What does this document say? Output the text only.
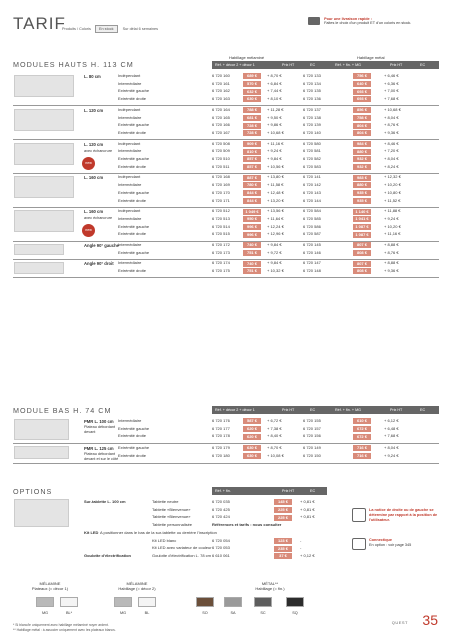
TARIF
Produits / Coloris En stock Sur délai 6 semaines
Pour une livraison rapide :
Faites le choix d'un produit ET d'un coloris en stock.
MODULES HAUTS H. 113 CM
Habillage mélaminé	Habillage métal
Réf. + décor 2 + décor 1	Prix HT	EC	Réf. + fin. + MG	Prix HT	EC
L. 80 cm	Indépendant	6 720 160	689 €	+ 8,70 €	6 720 133	756 €	+ 6,46 €
Intermédiaire	6 720 161	570 €	+ 6,84 €	6 720 134	640 €	+ 6,36 €
Extrémité gauche	6 720 162	632 €	+ 7,44 €	6 720 135	693 €	+ 7,00 €
Extrémité droite	6 720 163	630 €	+ 8,10 €	6 720 136	693 €	+ 7,68 €
L. 120 cm	Indépendant	6 720 164	788 €	+ 11,28 €	6 720 137	856 €	+ 10,68 €
Intermédiaire	6 720 165	681 €	+ 9,50 €	6 720 138	758 €	+ 8,04 €
Extrémité gauche	6 720 166	728 €	+ 9,86 €	6 720 139	804 €	+ 8,76 €
Extrémité droite	6 720 167	728 €	+ 10,68 €	6 720 140	804 €	+ 9,36 €
L. 120 cm
avec échancrure
new
Indépendant	6 720 508	909 €	+ 11,16 €	6 720 580	984 €	+ 8,46 €
Intermédiaire	6 720 509	810 €	+ 9,24 €	6 720 581	880 €	+ 7,20 €
Extrémité gauche	6 720 510	857 €	+ 9,84 €	6 720 582	932 €	+ 8,04 €
Extrémité droite	6 720 511	857 €	+ 10,56 €	6 720 583	932 €	+ 8,24 €
L. 160 cm	Indépendant	6 720 168	887 €	+ 13,80 €	6 720 141	983 €	+ 12,32 €
Intermédiaire	6 720 169	780 €	+ 11,58 €	6 720 142	880 €	+ 10,20 €
Extrémité gauche	6 720 170	844 €	+ 12,48 €	6 720 143	935 €	+ 10,80 €
Extrémité droite	6 720 171	844 €	+ 13,20 €	6 720 144	935 €	+ 11,52 €
L. 160 cm
avec échancrure
new
Indépendant	6 720 512	1 049 €	+ 13,56 €	6 720 584	1 140 €	+ 11,88 €
Intermédiaire	6 720 513	950 €	+ 11,64 €	6 720 585	1 041 €	+ 9,24 €
Extrémité gauche	6 720 514	996 €	+ 12,24 €	6 720 586	1 087 €	+ 10,20 €
Extrémité droite	6 720 515	996 €	+ 12,96 €	6 720 587	1 087 €	+ 11,16 €
Angle 90° gauche Intermédiaire	6 720 172	740 €	+ 9,84 €	6 720 145	807 €	+ 8,88 €
Extrémité gauche	6 720 173	751 €	+ 9,72 €	6 720 146	808 €	+ 8,76 €
Angle 90° droit Intermédiaire	6 720 174	740 €	+ 9,84 €	6 720 147	807 €	+ 8,88 €
Extrémité droite	6 720 175	751 €	+ 10,32 €	6 720 148	808 €	+ 9,36 €
MODULE BAS H. 74 CM	Réf. + décor 2 + décor 1	Prix HT	EC	Réf. + fin. + MG	Prix HT	EC
PMR L. 100 cm
Plateau débordant
devant
Intermédiaire	6 720 176	587 €	+ 6,72 €	6 720 155	610 €	+ 6,12 €
Extrémité gauche	6 720 177	620 €	+ 7,38 €	6 720 157	672 €	+ 6,48 €
Extrémité droite	6 720 178	620 €	+ 8,40 €	6 720 156	672 €	+ 7,68 €
PMR L. 125 cm
Plateau débordant
devant et sur le côté
Extrémité gauche	6 720 179	630 €	+ 8,70 €	6 720 149	716 €	+ 8,04 €
Extrémité droite	6 720 180	630 €	+ 10,08 €	6 720 150	716 €	+ 9,24 €
OPTIONS	Réf. + fin.	Prix HT	EC
Sur-tablette L. 100 cm	Tablette neutre	6 720 035	145 €	+ 0,81 €
Tablette «Bienvenue»	6 720 425	225 €	+ 0,81 €
Tablette «Bienvenue»	6 720 424	225 €	+ 0,81 €
Tablette personnalisée	Références et tarifs : nous consulter
Kit LED A positionner dans le bas de la sur-tablette ou derrière l'inscription
Kit LED blanc	6 720 054	123 €	-
Kit LED avec variateur de couleur 6 720 053	235 €	-
Goulotte d'électrification	Goulotte d'électrification L. 78 cm 6 610 061	37 €	+ 0,12 €
La notice de droite ou de gauche se détermine par rapport à la position de l'utilisateur.
Connectique
En option : voir page 345
MÉLAMINE
Plateaux (= décor 1)
MÉLAMINE
Habillage (= décor 2)
MÉTAL**
Habillage (= fin.)
MG	BL*	MG	BL	SO	SA	SC	SQ
* Si blanc/le uniquement avec habillage mélaminé noyer ardent.
** Habillage métal : à associer uniquement avec les plateaux blancs.
QUEST 35
